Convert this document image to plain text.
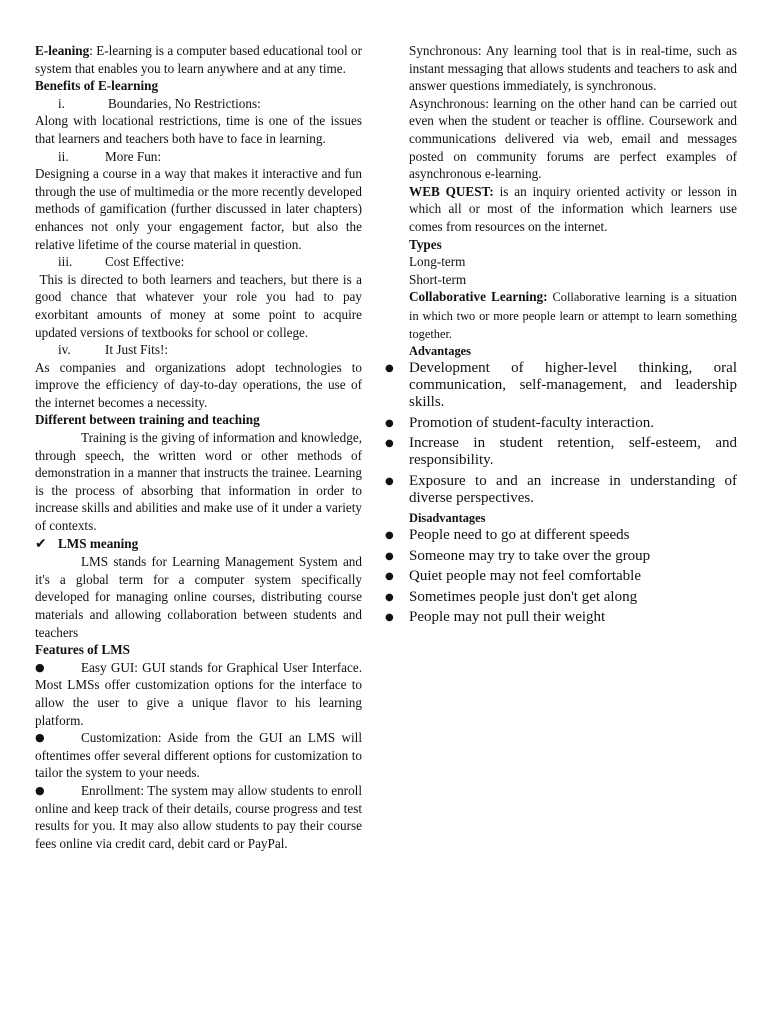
E-leaning: E-learning is a computer based educational tool or system that enables you to learn anywhere and at any time.

Benefits of E-learning

i.	Boundaries, No Restrictions:

Along with locational restrictions, time is one of the issues that learners and teachers both have to face in learning.

ii.	More Fun:

Designing a course in a way that makes it interactive and fun through the use of multimedia or the more recently developed methods of gamification (further discussed in later chapters) enhances not only your engagement factor, but also the relative lifetime of the course material in question.

iii.	Cost Effective:

This is directed to both learners and teachers, but there is a good chance that whatever your role you had to pay exorbitant amounts of money at some point to acquire updated versions of textbooks for school or college.

iv.	It Just Fits!:

As companies and organizations adopt technologies to improve the efficiency of day-to-day operations, the use of the internet becomes a necessity.

Different between training and teaching

Training is the giving of information and knowledge, through speech, the written word or other methods of demonstration in a manner that instructs the trainee. Learning is the process of absorbing that information in order to increase skills and abilities and make use of it under a variety of contexts.

✔ LMS meaning

LMS stands for Learning Management System and it's a global term for a computer system specifically developed for managing online courses, distributing course materials and allowing collaboration between students and teachers

Features of LMS

●	Easy GUI: GUI stands for Graphical User Interface. Most LMSs offer customization options for the interface to allow the user to give a unique flavor to his learning platform.

●	Customization: Aside from the GUI an LMS will oftentimes offer several different options for customization to tailor the system to your needs.

●	Enrollment: The system may allow students to enroll online and keep track of their details, course progress and test results for you. It may also allow students to pay their course fees online via credit card, debit card or PayPal.

Synchronous: Any learning tool that is in real-time, such as instant messaging that allows students and teachers to ask and answer questions immediately, is synchronous.

Asynchronous: learning on the other hand can be carried out even when the student or teacher is offline. Coursework and communications delivered via web, email and messages posted on community forums are perfect examples of asynchronous e-learning.

WEB QUEST: is an inquiry oriented activity or lesson in which all or most of the information which learners use comes from resources on the internet.

Types

Long-term

Short-term

Collaborative Learning: Collaborative learning is a situation in which two or more people learn or attempt to learn something together.

Advantages

● Development of higher-level thinking, oral communication, self-management, and leadership skills.
● Promotion of student-faculty interaction.
● Increase in student retention, self-esteem, and responsibility.
● Exposure to and an increase in understanding of diverse perspectives.

Disadvantages

● People need to go at different speeds
● Someone may try to take over the group
● Quiet people may not feel comfortable
● Sometimes people just don't get along
● People may not pull their weight
